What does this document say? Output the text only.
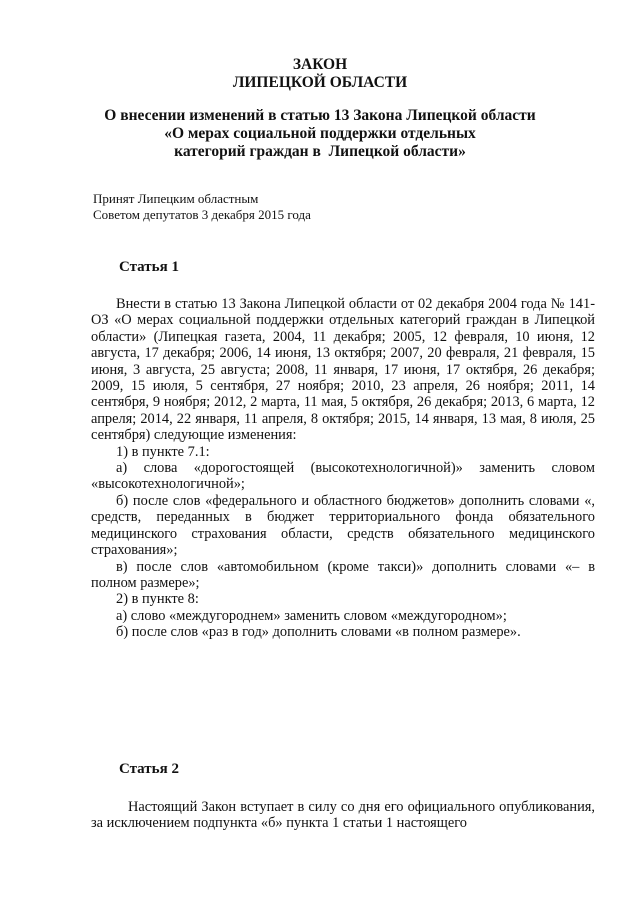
ЗАКОН
ЛИПЕЦКОЙ ОБЛАСТИ
О внесении изменений в статью 13 Закона Липецкой области
«О мерах социальной поддержки отдельных
категорий граждан в  Липецкой области»
Принят Липецким областным
Советом депутатов 3 декабря 2015 года
Статья 1

Внести в статью 13 Закона Липецкой области от 02 декабря 2004 года № 141-ОЗ «О мерах социальной поддержки отдельных категорий граждан в Липецкой области» (Липецкая газета, 2004, 11 декабря; 2005, 12 февраля, 10 июня, 12 августа, 17 декабря; 2006, 14 июня, 13 октября; 2007, 20 февраля, 21 февраля, 15 июня, 3 августа, 25 августа; 2008, 11 января, 17 июня, 17 октября, 26 декабря; 2009, 15 июля, 5 сентября, 27 ноября; 2010, 23 апреля, 26 ноября; 2011, 14 сентября, 9 ноября; 2012, 2 марта, 11 мая, 5 октября, 26 декабря; 2013, 6 марта, 12 апреля; 2014, 22 января, 11 апреля, 8 октября; 2015, 14 января, 13 мая, 8 июля, 25 сентября) следующие изменения:

1) в пункте 7.1:

а) слова «дорогостоящей (высокотехнологичной)» заменить словом «высокотехнологичной»;

б) после слов «федерального и областного бюджетов» дополнить словами «, средств, переданных в бюджет территориального фонда обязательного медицинского страхования области, средств обязательного медицинского страхования»;

в) после слов «автомобильном (кроме такси)» дополнить словами «– в полном размере»;

2) в пункте 8:

а) слово «междугороднем» заменить словом «междугородном»;

б) после слов «раз в год» дополнить словами «в полном размере».

Статья 2

Настоящий Закон вступает в силу со дня его официального опубликования, за исключением подпункта «б» пункта 1 статьи 1 настоящего
